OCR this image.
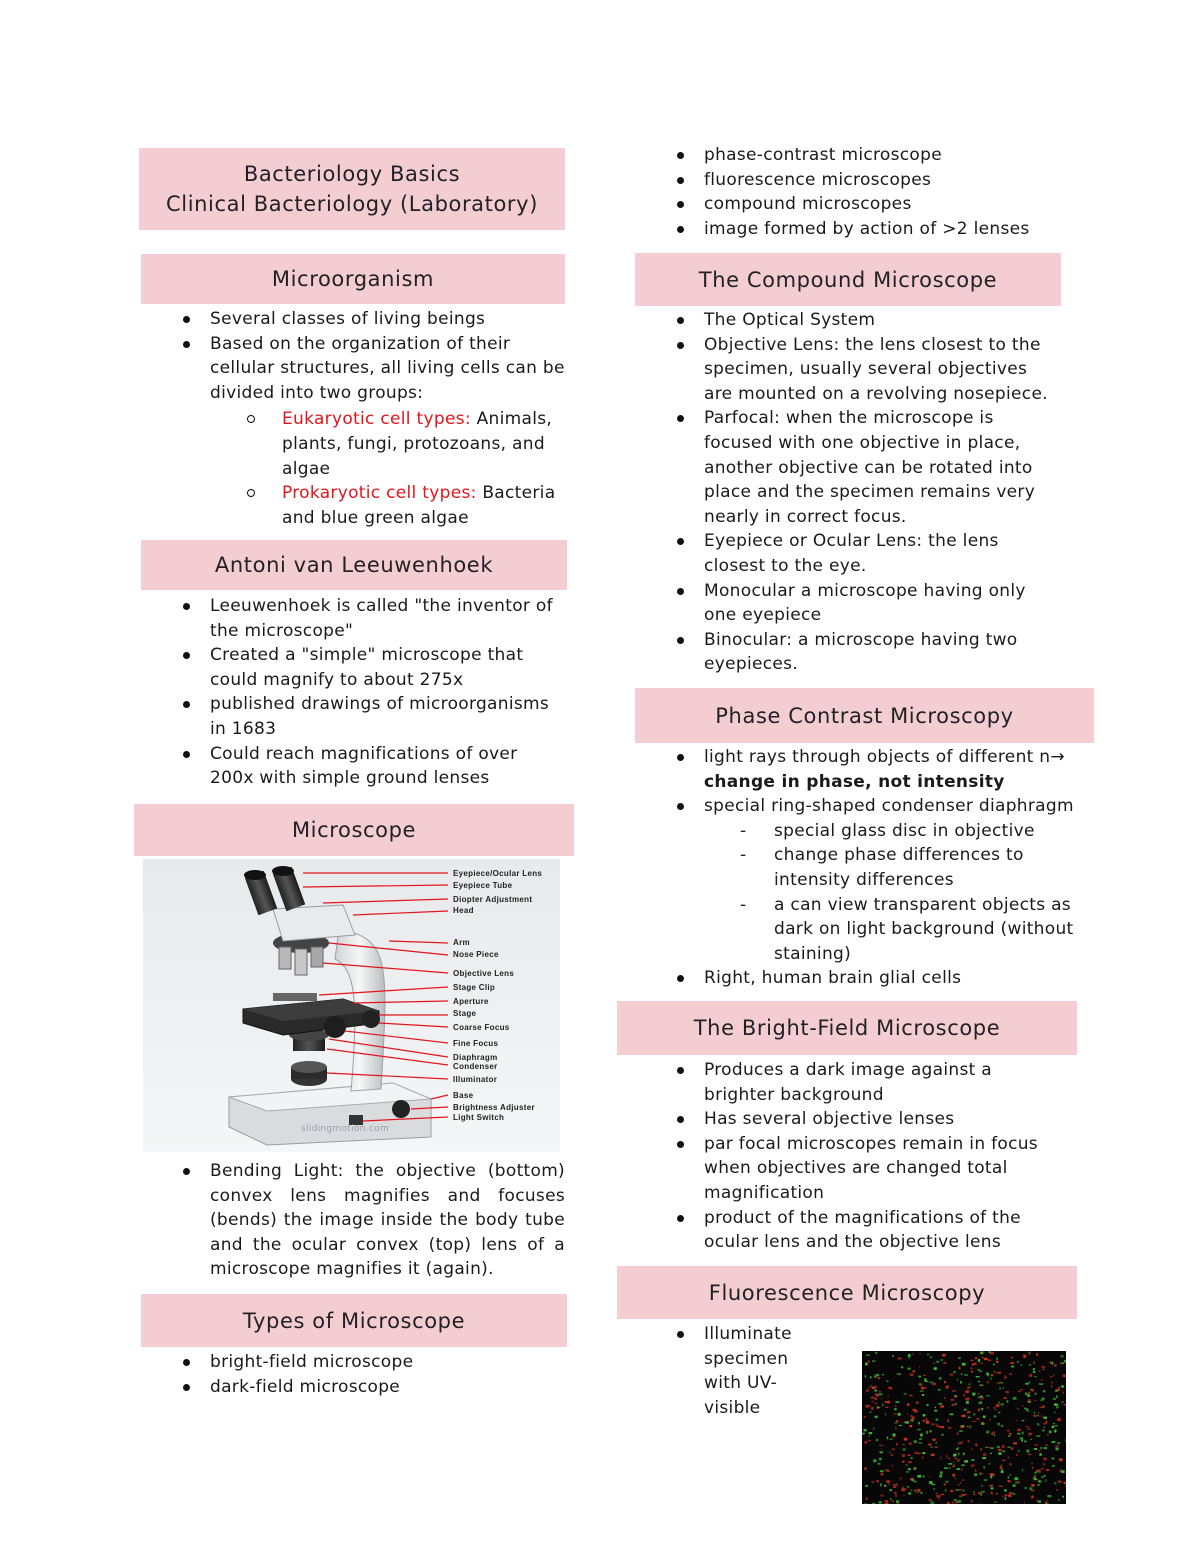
Bacteriology Basics
Clinical Bacteriology (Laboratory)
Microorganism
Several classes of living beings
Based on the organization of their cellular structures, all living cells can be divided into two groups:
Eukaryotic cell types: Animals, plants, fungi, protozoans, and algae
Prokaryotic cell types: Bacteria and blue green algae
Antoni van Leeuwenhoek
Leeuwenhoek is called "the inventor of the microscope"
Created a "simple" microscope that could magnify to about 275x
published drawings of microorganisms in 1683
Could reach magnifications of over 200x with simple ground lenses
Microscope
slidingmotion.com
Eyepiece/Ocular Lens
Eyepiece Tube
Diopter Adjustment
Head
Arm
Nose Piece
Objective Lens
Stage Clip
Aperture
Stage
Coarse Focus
Fine Focus
Diaphragm
Condenser
Illuminator
Base
Brightness Adjuster
Light Switch
Bending Light: the objective (bottom) convex lens magnifies and focuses (bends) the image inside the body tube and the ocular convex (top) lens of a microscope magnifies it (again).
Types of Microscope
bright-field microscope
dark-field microscope
phase-contrast microscope
fluorescence microscopes
compound microscopes
image formed by action of >2 lenses
The Compound Microscope
The Optical System
Objective Lens: the lens closest to the specimen, usually several objectives are mounted on a revolving nosepiece.
Parfocal: when the microscope is focused with one objective in place, another objective can be rotated into place and the specimen remains very nearly in correct focus.
Eyepiece or Ocular Lens: the lens closest to the eye.
Monocular a microscope having only one eyepiece
Binocular: a microscope having two eyepieces.
Phase Contrast Microscopy
light rays through objects of different n→ change in phase, not intensity
special ring-shaped condenser diaphragm
- special glass disc in objective
- change phase differences to intensity differences
- a can view transparent objects as dark on light background (without staining)
Right, human brain glial cells
The Bright-Field Microscope
Produces a dark image against a brighter background
Has several objective lenses
par focal microscopes remain in focus when objectives are changed total magnification
product of the magnifications of the ocular lens and the objective lens
Fluorescence Microscopy
Illuminate specimen with UV-visible
